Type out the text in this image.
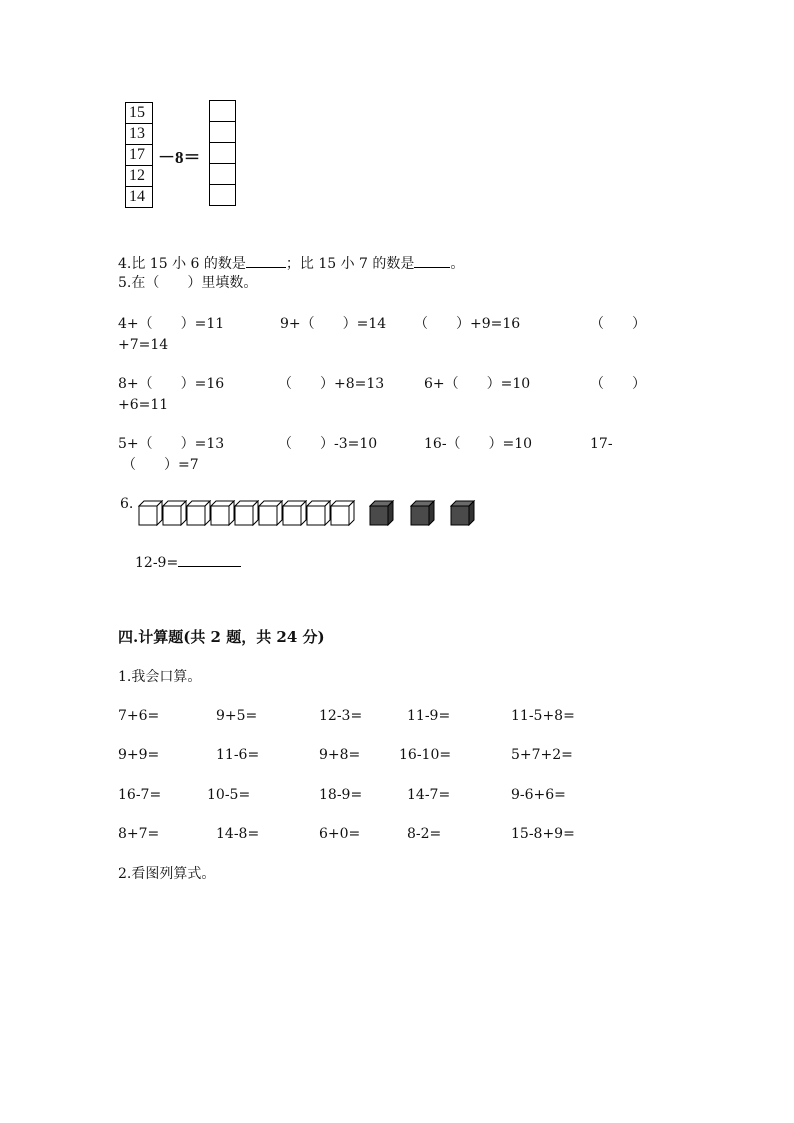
15
13
17
12
14
－8＝
4.比 15 小 6 的数是	；比 15 小 7 的数是	。
5.在（　　）里填数。
4+（　　）=11	9+（　　）=14 （　　）+9=16	（　　）
+7=14
8+（　　）=16	（　　）+8=13	6+（　　）=10	（　　）
+6=11
5+（　　）=13	（　　）-3=10	16-（　　）=10	17-
（　　）=7
6.
12-9=
四.计算题(共 2 题，共 24 分)
1.我会口算。
7+6=	9+5=	12-3=	11-9=	11-5+8=
9+9=	11-6=	9+8=	16-10=	5+7+2=
16-7=	10-5=	18-9=	14-7=	9-6+6=
8+7=	14-8=	6+0=	8-2=	15-8+9=
2.看图列算式。
